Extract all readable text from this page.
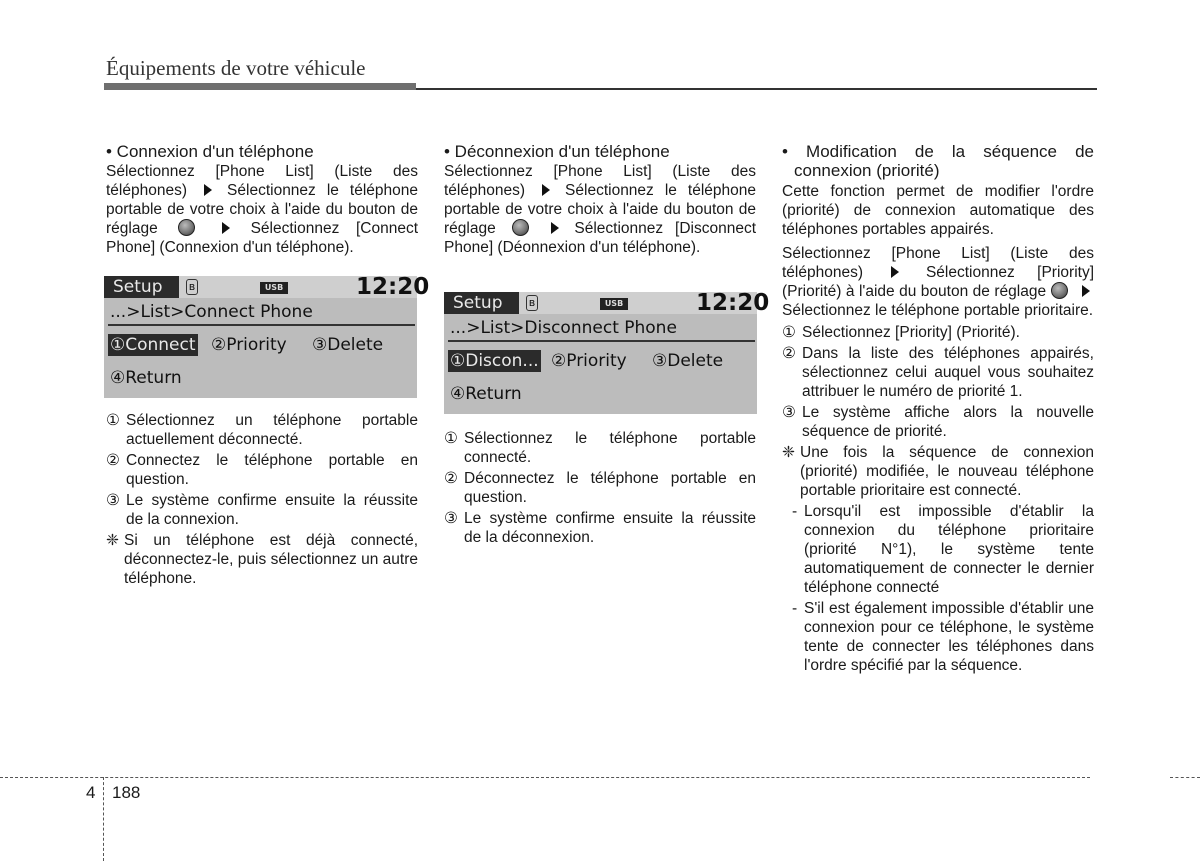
Équipements de votre véhicule
• Connexion d'un téléphone

Sélectionnez [Phone List] (Liste des téléphones)	Sélectionnez le téléphone portable de votre choix à l'aide du bouton de réglage	Sélectionnez [Connect Phone] (Connexion d'un téléphone).

Setup	ʙ	USB	12:20
...>List>Connect Phone
①Connect ②Priority ③Delete
④Return
① Sélectionnez un téléphone portable actuellement déconnecté.
② Connectez le téléphone portable en question.
③ Le système confirme ensuite la réussite de la connexion.
❈ Si un téléphone est déjà connecté, déconnectez-le, puis sélectionnez un autre téléphone.
• Déconnexion d'un téléphone

Sélectionnez [Phone List] (Liste des téléphones)	Sélectionnez le téléphone portable de votre choix à l'aide du bouton de réglage	Sélectionnez [Disconnect Phone] (Déonnexion d'un téléphone).

Setup	ʙ	USB	12:20
...>List>Disconnect Phone
①Discon... ②Priority ③Delete
④Return
① Sélectionnez le téléphone portable connecté.
② Déconnectez le téléphone portable en question.
③ Le système confirme ensuite la réussite de la déconnexion.
• Modification de la séquence de connexion (priorité)

Cette fonction permet de modifier l'ordre (priorité) de connexion automatique des téléphones portables appairés.

Sélectionnez [Phone List] (Liste des téléphones)	Sélectionnez [Priority] (Priorité) à l'aide du bouton de réglage   Sélectionnez le téléphone portable prioritaire.

① Sélectionnez [Priority] (Priorité).
② Dans la liste des téléphones appairés, sélectionnez celui auquel vous souhaitez attribuer le numéro de priorité 1.
③ Le système affiche alors la nouvelle séquence de priorité.
❈ Une fois la séquence de connexion (priorité) modifiée, le nouveau téléphone portable prioritaire est connecté.
- Lorsqu'il est impossible d'établir la connexion du téléphone prioritaire (priorité N°1), le système tente automatiquement de connecter le dernier téléphone connecté
- S'il est également impossible d'établir une connexion pour ce téléphone, le système tente de connecter les téléphones dans l'ordre spécifié par la séquence.
4 188
